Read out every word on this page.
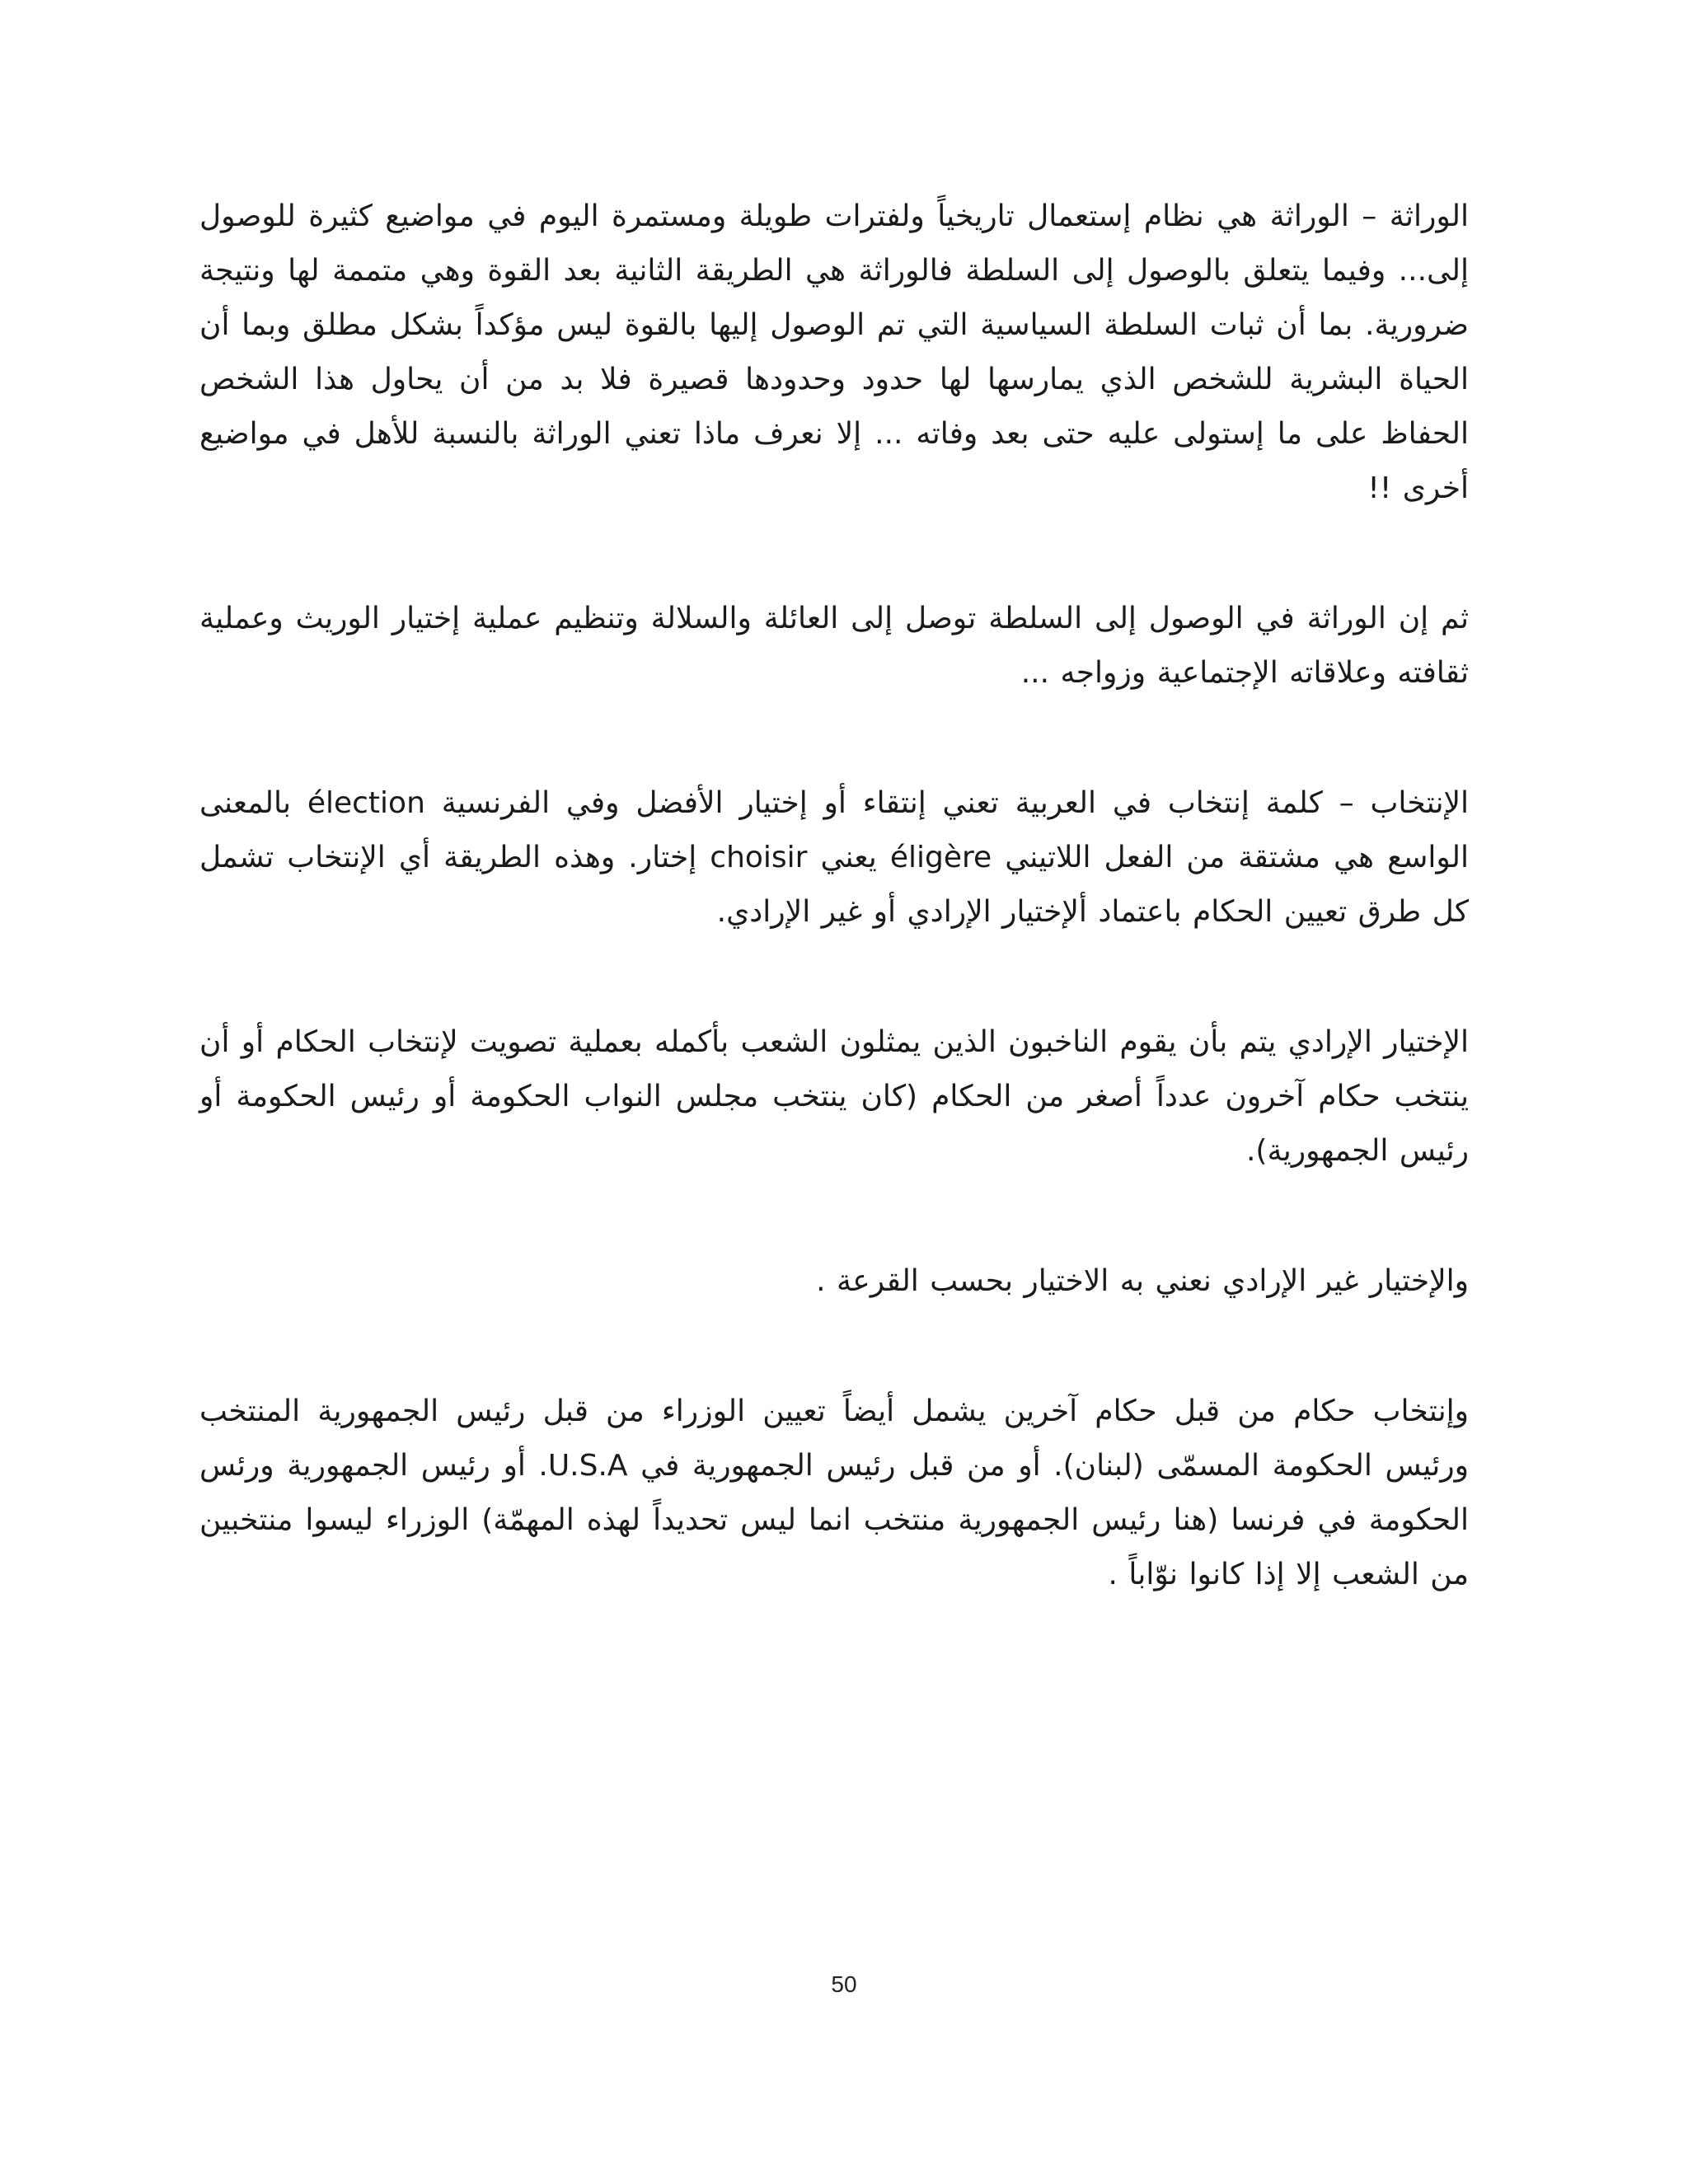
الوراثة – الوراثة هي نظام إستعمال تاريخياً ولفترات طويلة ومستمرة اليوم في مواضيع كثيرة للوصول إلى... وفيما يتعلق بالوصول إلى السلطة فالوراثة هي الطريقة الثانية بعد القوة وهي متممة لها ونتيجة ضرورية. بما أن ثبات السلطة السياسية التي تم الوصول إليها بالقوة ليس مؤكداً بشكل مطلق وبما أن الحياة البشرية للشخص الذي يمارسها لها حدود وحدودها قصيرة فلا بد من أن يحاول هذا الشخص الحفاظ على ما إستولى عليه حتى بعد وفاته ... إلا نعرف ماذا تعني الوراثة بالنسبة للأهل في مواضيع أخرى !!

ثم إن الوراثة في الوصول إلى السلطة توصل إلى العائلة والسلالة وتنظيم عملية إختيار الوريث وعملية ثقافته وعلاقاته الإجتماعية وزواجه ...

الإنتخاب – كلمة إنتخاب في العربية تعني إنتقاء أو إختيار الأفضل وفي الفرنسية élection بالمعنى الواسع هي مشتقة من الفعل اللاتيني éligère يعني choisir إختار. وهذه الطريقة أي الإنتخاب تشمل كل طرق تعيين الحكام باعتماد ألإختيار الإرادي أو غير الإرادي.

الإختيار الإرادي يتم بأن يقوم الناخبون الذين يمثلون الشعب بأكمله بعملية تصويت لإنتخاب الحكام أو أن ينتخب حكام آخرون عدداً أصغر من الحكام (كان ينتخب مجلس النواب الحكومة أو رئيس الحكومة أو رئيس الجمهورية).

والإختيار غير الإرادي نعني به الاختيار بحسب القرعة .

وإنتخاب حكام من قبل حكام آخرين يشمل أيضاً تعيين الوزراء من قبل رئيس الجمهورية المنتخب ورئيس الحكومة المسمّى (لبنان). أو من قبل رئيس الجمهورية في U.S.A. أو رئيس الجمهورية ورئس الحكومة في فرنسا (هنا رئيس الجمهورية منتخب انما ليس تحديداً لهذه المهمّة) الوزراء ليسوا منتخبين من الشعب إلا إذا كانوا نوّاباً .

50
